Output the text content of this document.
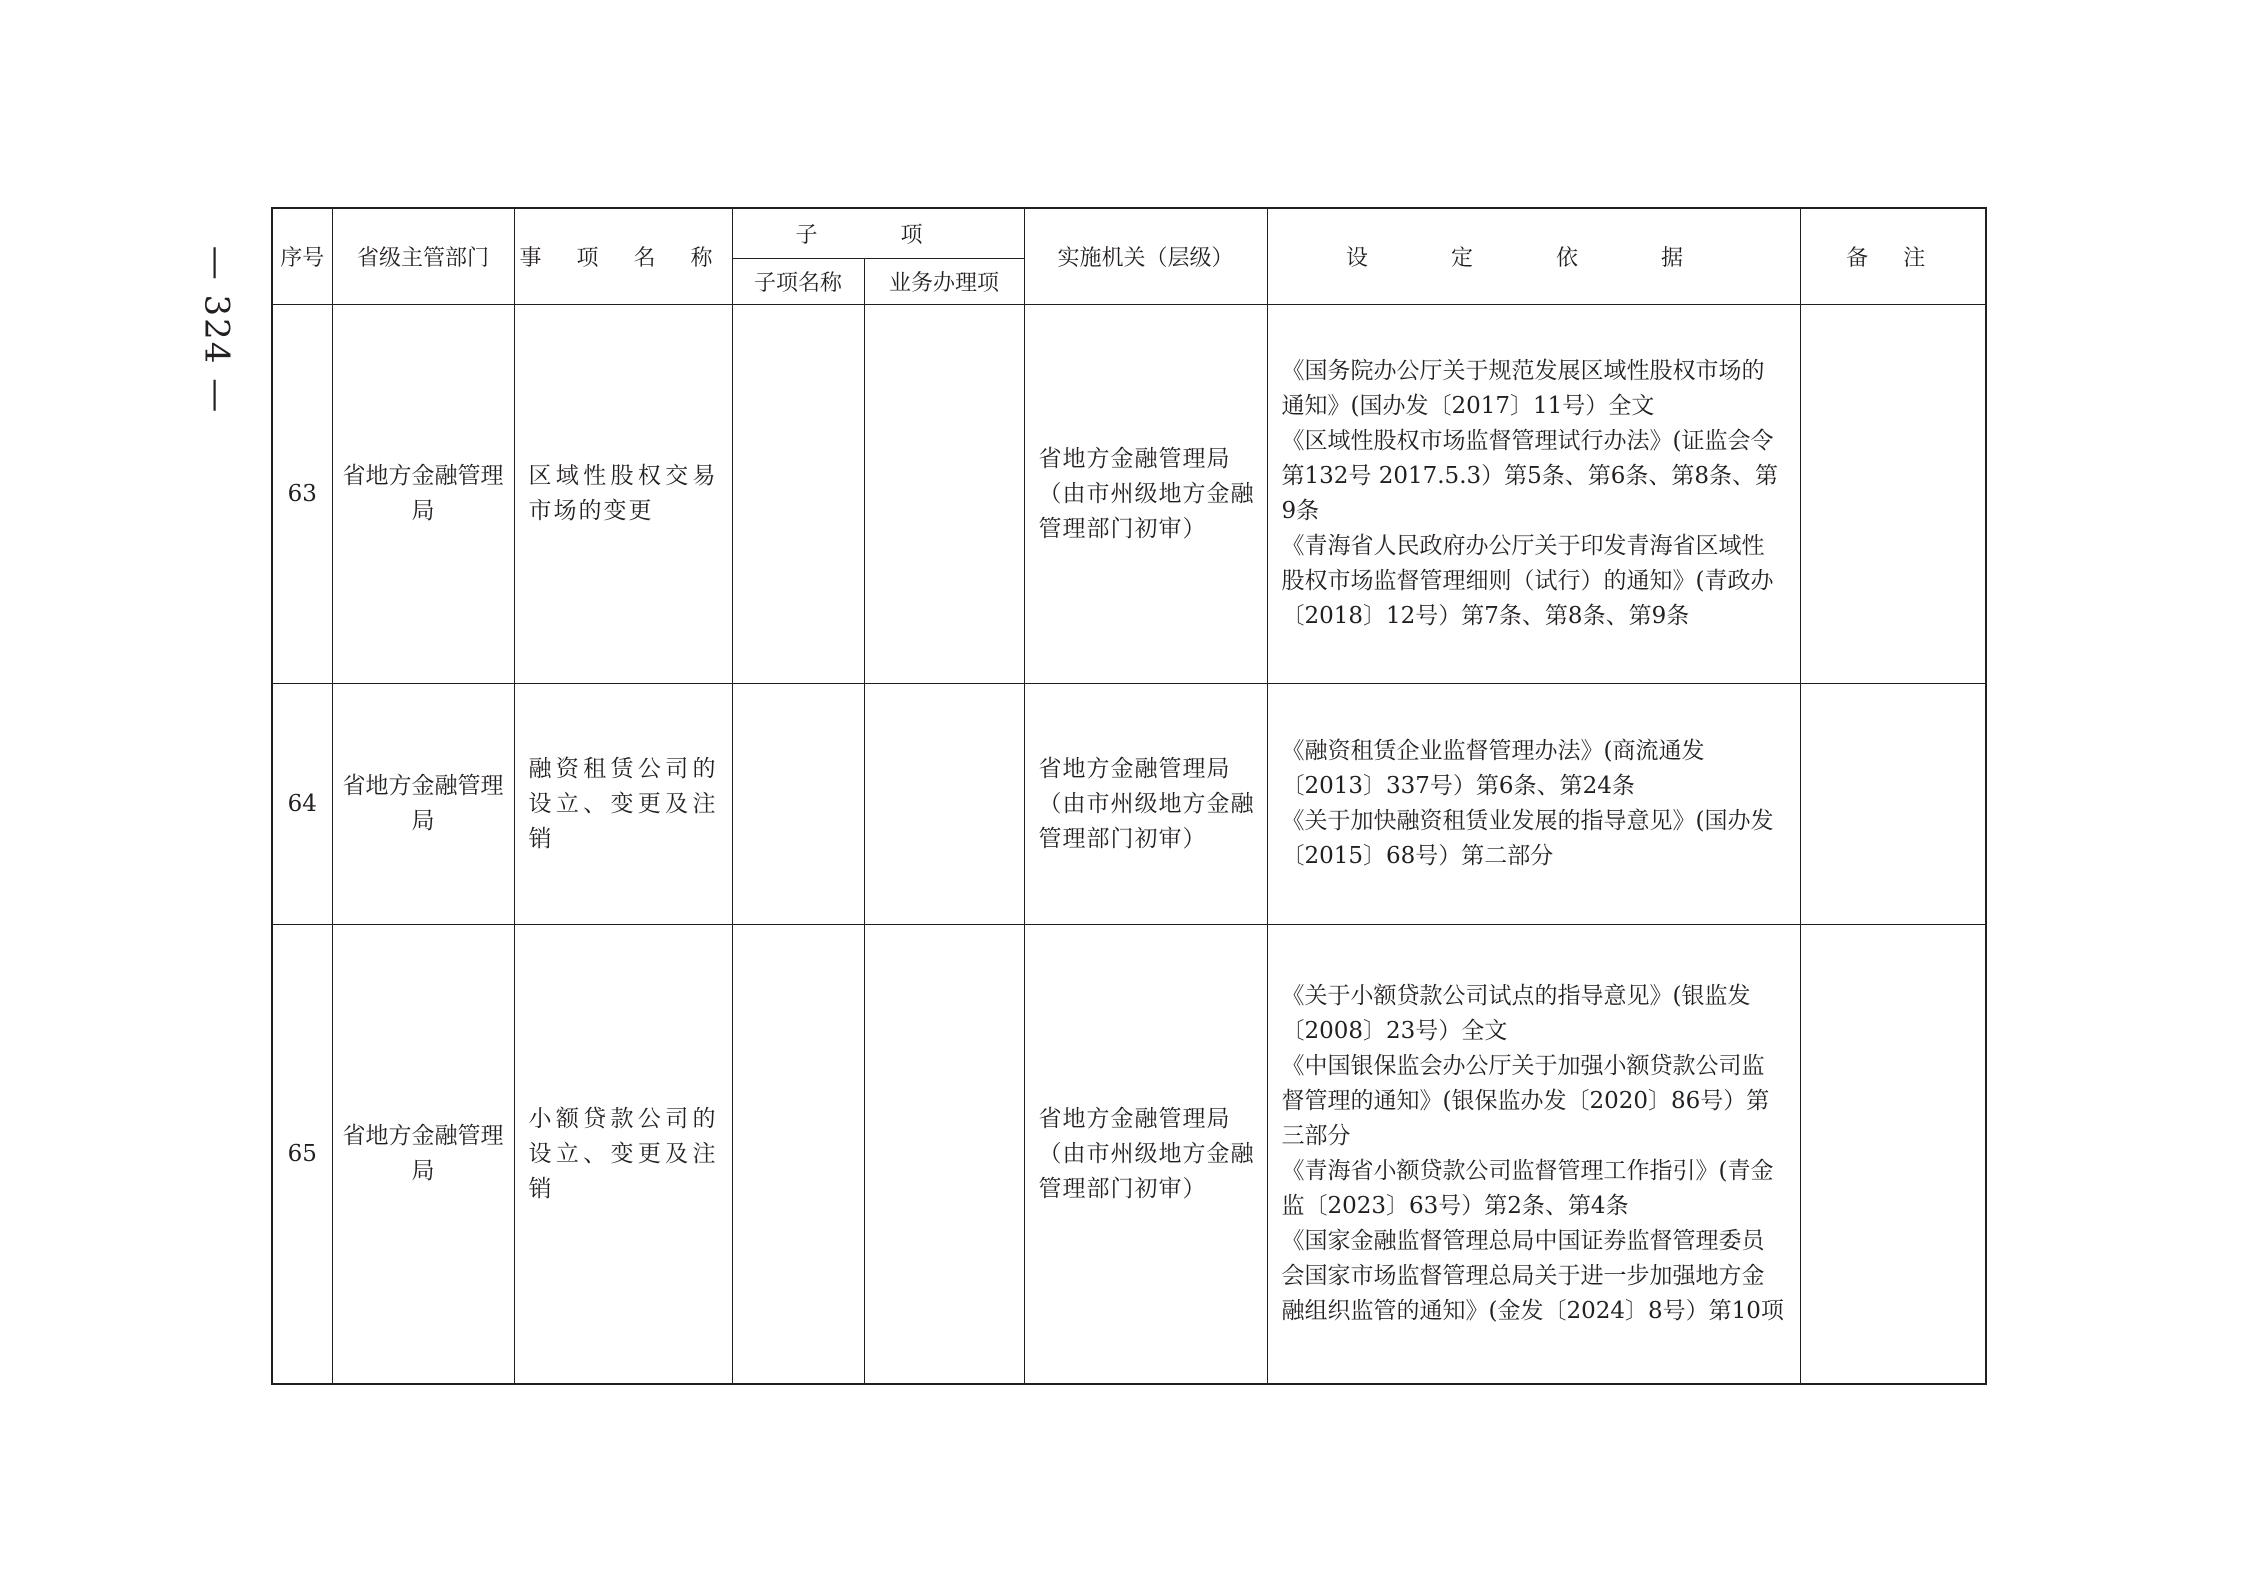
— 324 — 序号	省级主管部门	事 项 名 称	子 项		实施机关（层级）	设 定 依 据	备 注
			子项名称	业务办理项			
63	省地方金融管理局	区域性股权交易市场的变更			省地方金融管理局（由市州级地方金融管理部门初审）	《国务院办公厅关于规范发展区域性股权市场的通知》(国办发〔2017〕11号）全文
《区域性股权市场监督管理试行办法》(证监会令第132号 2017.5.3）第5条、第6条、第8条、第9条
《青海省人民政府办公厅关于印发青海省区域性股权市场监督管理细则（试行）的通知》(青政办〔2018〕12号）第7条、第8条、第9条	

64	省地方金融管理局	融资租赁公司的设立、变更及注销			省地方金融管理局（由市州级地方金融管理部门初审）	《融资租赁企业监督管理办法》(商流通发〔2013〕337号）第6条、第24条
《关于加快融资租赁业发展的指导意见》(国办发〔2015〕68号）第二部分	

65	省地方金融管理局	小额贷款公司的设立、变更及注销			省地方金融管理局（由市州级地方金融管理部门初审）	《关于小额贷款公司试点的指导意见》(银监发〔2008〕23号）全文
《中国银保监会办公厅关于加强小额贷款公司监督管理的通知》(银保监办发〔2020〕86号）第三部分
《青海省小额贷款公司监督管理工作指引》(青金监〔2023〕63号）第2条、第4条
《国家金融监督管理总局中国证券监督管理委员会国家市场监督管理总局关于进一步加强地方金融组织监管的通知》(金发〔2024〕8号）第10项	
